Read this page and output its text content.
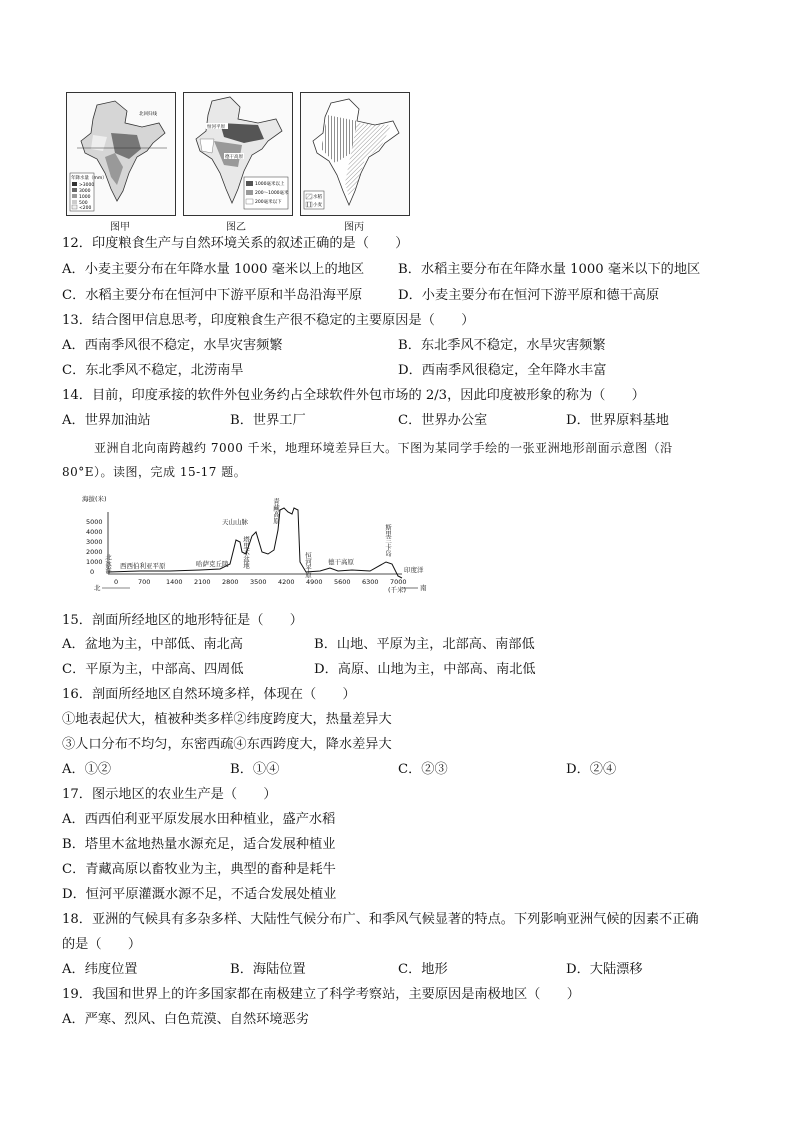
北回归线
年降水量（mm）
>3000
3000
1000
500
<200
图甲
恒河平原
德干高原
1000毫米以上
200～1000毫米
200毫米以下
图乙
水稻
小麦
图丙
12．印度粮食生产与自然环境关系的叙述正确的是（　　）
A．小麦主要分布在年降水量 1000 毫米以上的地区	B．水稻主要分布在年降水量 1000 毫米以下的地区
C．水稻主要分布在恒河中下游平原和半岛沿海平原	D．小麦主要分布在恒河下游平原和德干高原
13．结合图甲信息思考，印度粮食生产很不稳定的主要原因是（　　）
A．西南季风很不稳定，水旱灾害频繁	B．东北季风不稳定，水旱灾害频繁
C．东北季风不稳定，北涝南旱	D．西南季风很稳定，全年降水丰富
14．目前，印度承接的软件外包业务约占全球软件外包市场的 2/3，因此印度被形象的称为（　　）
A．世界加油站	B．世界工厂	C．世界办公室	D．世界原料基地
亚洲自北向南跨越约 7000 千米，地理环境差异巨大。下图为某同学手绘的一张亚洲地形剖面示意图（沿
80°E）。读图，完成 15-17 题。
海拔(米)
5000
4000
3000
2000
1000
0
0	700 1400 2100 2800 3500 4200 4900 5600 6300 7000
(千米)
北	南
北冰洋 西西伯利亚平原	哈萨克丘陵
天山山脉
塔里木盆地
青藏高原
恒河平原 德干高原
斯里兰卡岛
印度洋
15．剖面所经地区的地形特征是（　　）
A．盆地为主，中部低、南北高	B．山地、平原为主，北部高、南部低
C．平原为主，中部高、四周低	D．高原、山地为主，中部高、南北低
16．剖面所经地区自然环境多样，体现在（　　）
①地表起伏大，植被种类多样②纬度跨度大，热量差异大
③人口分布不均匀，东密西疏④东西跨度大，降水差异大
A．①②	B．①④	C．②③	D．②④
17．图示地区的农业生产是（　　）
A．西西伯利亚平原发展水田种植业，盛产水稻
B．塔里木盆地热量水源充足，适合发展种植业
C．青藏高原以畜牧业为主，典型的畜种是耗牛
D．恒河平原灌溉水源不足，不适合发展处植业
18．亚洲的气候具有多杂多样、大陆性气候分布广、和季风气候显著的特点。下列影响亚洲气候的因素不正确
的是（　　）
A．纬度位置	B．海陆位置	C．地形	D．大陆漂移
19．我国和世界上的许多国家都在南极建立了科学考察站，主要原因是南极地区（　　）
A．严寒、烈风、白色荒漠、自然环境恶劣
